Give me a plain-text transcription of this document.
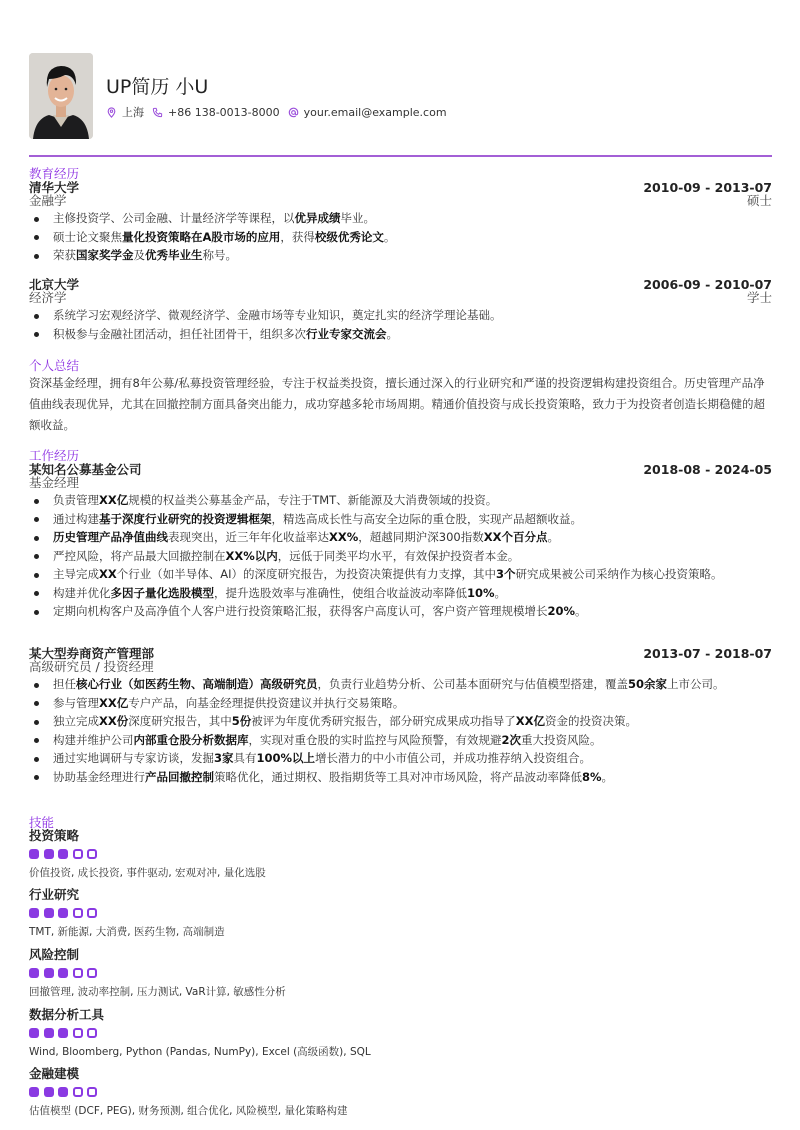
UP简历 小U
上海 +86 138-0013-8000 your.email@example.com
教育经历
清华大学
金融学
2010-09 - 2013-07
硕士
主修投资学、公司金融、计量经济学等课程，以优异成绩毕业。
硕士论文聚焦量化投资策略在A股市场的应用，获得校级优秀论文。
荣获国家奖学金及优秀毕业生称号。
北京大学
经济学
2006-09 - 2010-07
学士
系统学习宏观经济学、微观经济学、金融市场等专业知识，奠定扎实的经济学理论基础。
积极参与金融社团活动，担任社团骨干，组织多次行业专家交流会。
个人总结
资深基金经理，拥有8年公募/私募投资管理经验，专注于权益类投资，擅长通过深入的行业研究和严谨的投资逻辑构建投资组合。历史管理产品净值曲线表现优异，尤其在回撤控制方面具备突出能力，成功穿越多轮市场周期。精通价值投资与成长投资策略，致力于为投资者创造长期稳健的超额收益。
工作经历
某知名公募基金公司
基金经理
2018-08 - 2024-05
负责管理XX亿规模的权益类公募基金产品，专注于TMT、新能源及大消费领域的投资。
通过构建基于深度行业研究的投资逻辑框架，精选高成长性与高安全边际的重仓股，实现产品超额收益。
历史管理产品净值曲线表现突出，近三年年化收益率达XX%，超越同期沪深300指数XX个百分点。
严控风险，将产品最大回撤控制在XX%以内，远低于同类平均水平，有效保护投资者本金。
主导完成XX个行业（如半导体、AI）的深度研究报告，为投资决策提供有力支撑，其中3个研究成果被公司采纳作为核心投资策略。
构建并优化多因子量化选股模型，提升选股效率与准确性，使组合收益波动率降低10%。
定期向机构客户及高净值个人客户进行投资策略汇报，获得客户高度认可，客户资产管理规模增长20%。
某大型券商资产管理部
高级研究员 / 投资经理
2013-07 - 2018-07
担任核心行业（如医药生物、高端制造）高级研究员，负责行业趋势分析、公司基本面研究与估值模型搭建，覆盖50余家上市公司。
参与管理XX亿专户产品，向基金经理提供投资建议并执行交易策略。
独立完成XX份深度研究报告，其中5份被评为年度优秀研究报告，部分研究成果成功指导了XX亿资金的投资决策。
构建并维护公司内部重仓股分析数据库，实现对重仓股的实时监控与风险预警，有效规避2次重大投资风险。
通过实地调研与专家访谈，发掘3家具有100%以上增长潜力的中小市值公司，并成功推荐纳入投资组合。
协助基金经理进行产品回撤控制策略优化，通过期权、股指期货等工具对冲市场风险，将产品波动率降低8%。
技能
投资策略
价值投资, 成长投资, 事件驱动, 宏观对冲, 量化选股
行业研究
TMT, 新能源, 大消费, 医药生物, 高端制造
风险控制
回撤管理, 波动率控制, 压力测试, VaR计算, 敏感性分析
数据分析工具
Wind, Bloomberg, Python (Pandas, NumPy), Excel (高级函数), SQL
金融建模
估值模型 (DCF, PEG), 财务预测, 组合优化, 风险模型, 量化策略构建
